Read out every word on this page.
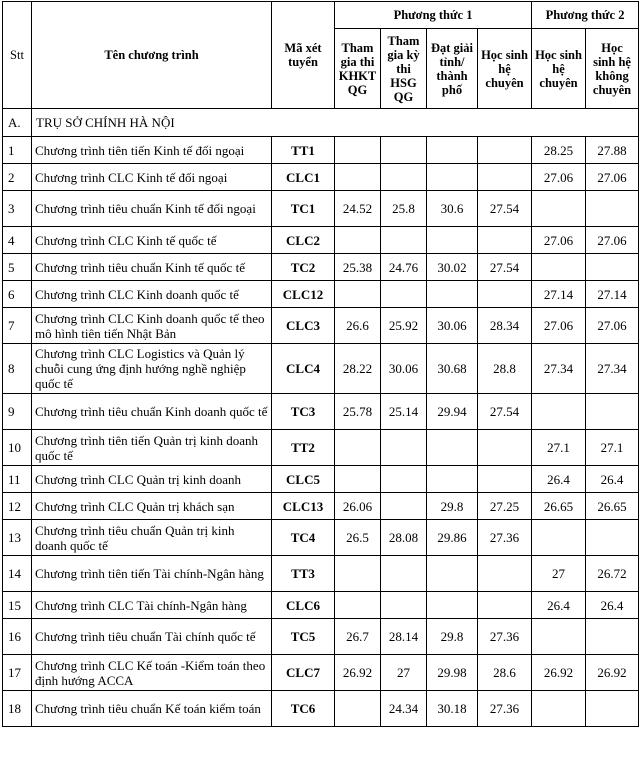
Stt	Tên chương trình	Mã xét tuyển	Phương thức 1				Phương thức 2	
			Tham gia thi KHKT QG	Tham gia kỳ thi HSG QG	Đạt giải tỉnh/ thành phố	Học sinh hệ chuyên	Học sinh hệ chuyên	Học sinh hệ không chuyên
A.	TRỤ SỞ CHÍNH HÀ NỘI							
1	Chương trình tiên tiến Kinh tế đối ngoại	TT1					28.25	27.88
2	Chương trình CLC Kinh tế đối ngoại	CLC1					27.06	27.06
3	Chương trình tiêu chuẩn Kinh tế đối ngoại	TC1	24.52	25.8	30.6	27.54		
4	Chương trình CLC Kinh tế quốc tế	CLC2					27.06	27.06
5	Chương trình tiêu chuẩn Kinh tế quốc tế	TC2	25.38	24.76	30.02	27.54		
6	Chương trình CLC Kinh doanh quốc tế	CLC12					27.14	27.14
7	Chương trình CLC Kinh doanh quốc tế theo mô hình tiên tiến Nhật Bản	CLC3	26.6	25.92	30.06	28.34	27.06	27.06
8	Chương trình CLC Logistics và Quản lý chuỗi cung ứng định hướng nghề nghiệp quốc tế	CLC4	28.22	30.06	30.68	28.8	27.34	27.34
9	Chương trình tiêu chuẩn Kinh doanh quốc tế	TC3	25.78	25.14	29.94	27.54		
10	Chương trình tiên tiến Quản trị kinh doanh quốc tế	TT2					27.1	27.1
11	Chương trình CLC Quản trị kinh doanh	CLC5					26.4	26.4
12	Chương trình CLC Quản trị khách sạn	CLC13	26.06		29.8	27.25	26.65	26.65
13	Chương trình tiêu chuẩn Quản trị kinh doanh quốc tế	TC4	26.5	28.08	29.86	27.36		
14	Chương trình tiên tiến Tài chính-Ngân hàng	TT3					27	26.72
15	Chương trình CLC Tài chính-Ngân hàng	CLC6					26.4	26.4
16	Chương trình tiêu chuẩn Tài chính quốc tế	TC5	26.7	28.14	29.8	27.36		
17	Chương trình CLC Kế toán -Kiểm toán theo định hướng ACCA	CLC7	26.92	27	29.98	28.6	26.92	26.92
18	Chương trình tiêu chuẩn Kế toán kiểm toán	TC6		24.34	30.18	27.36		
